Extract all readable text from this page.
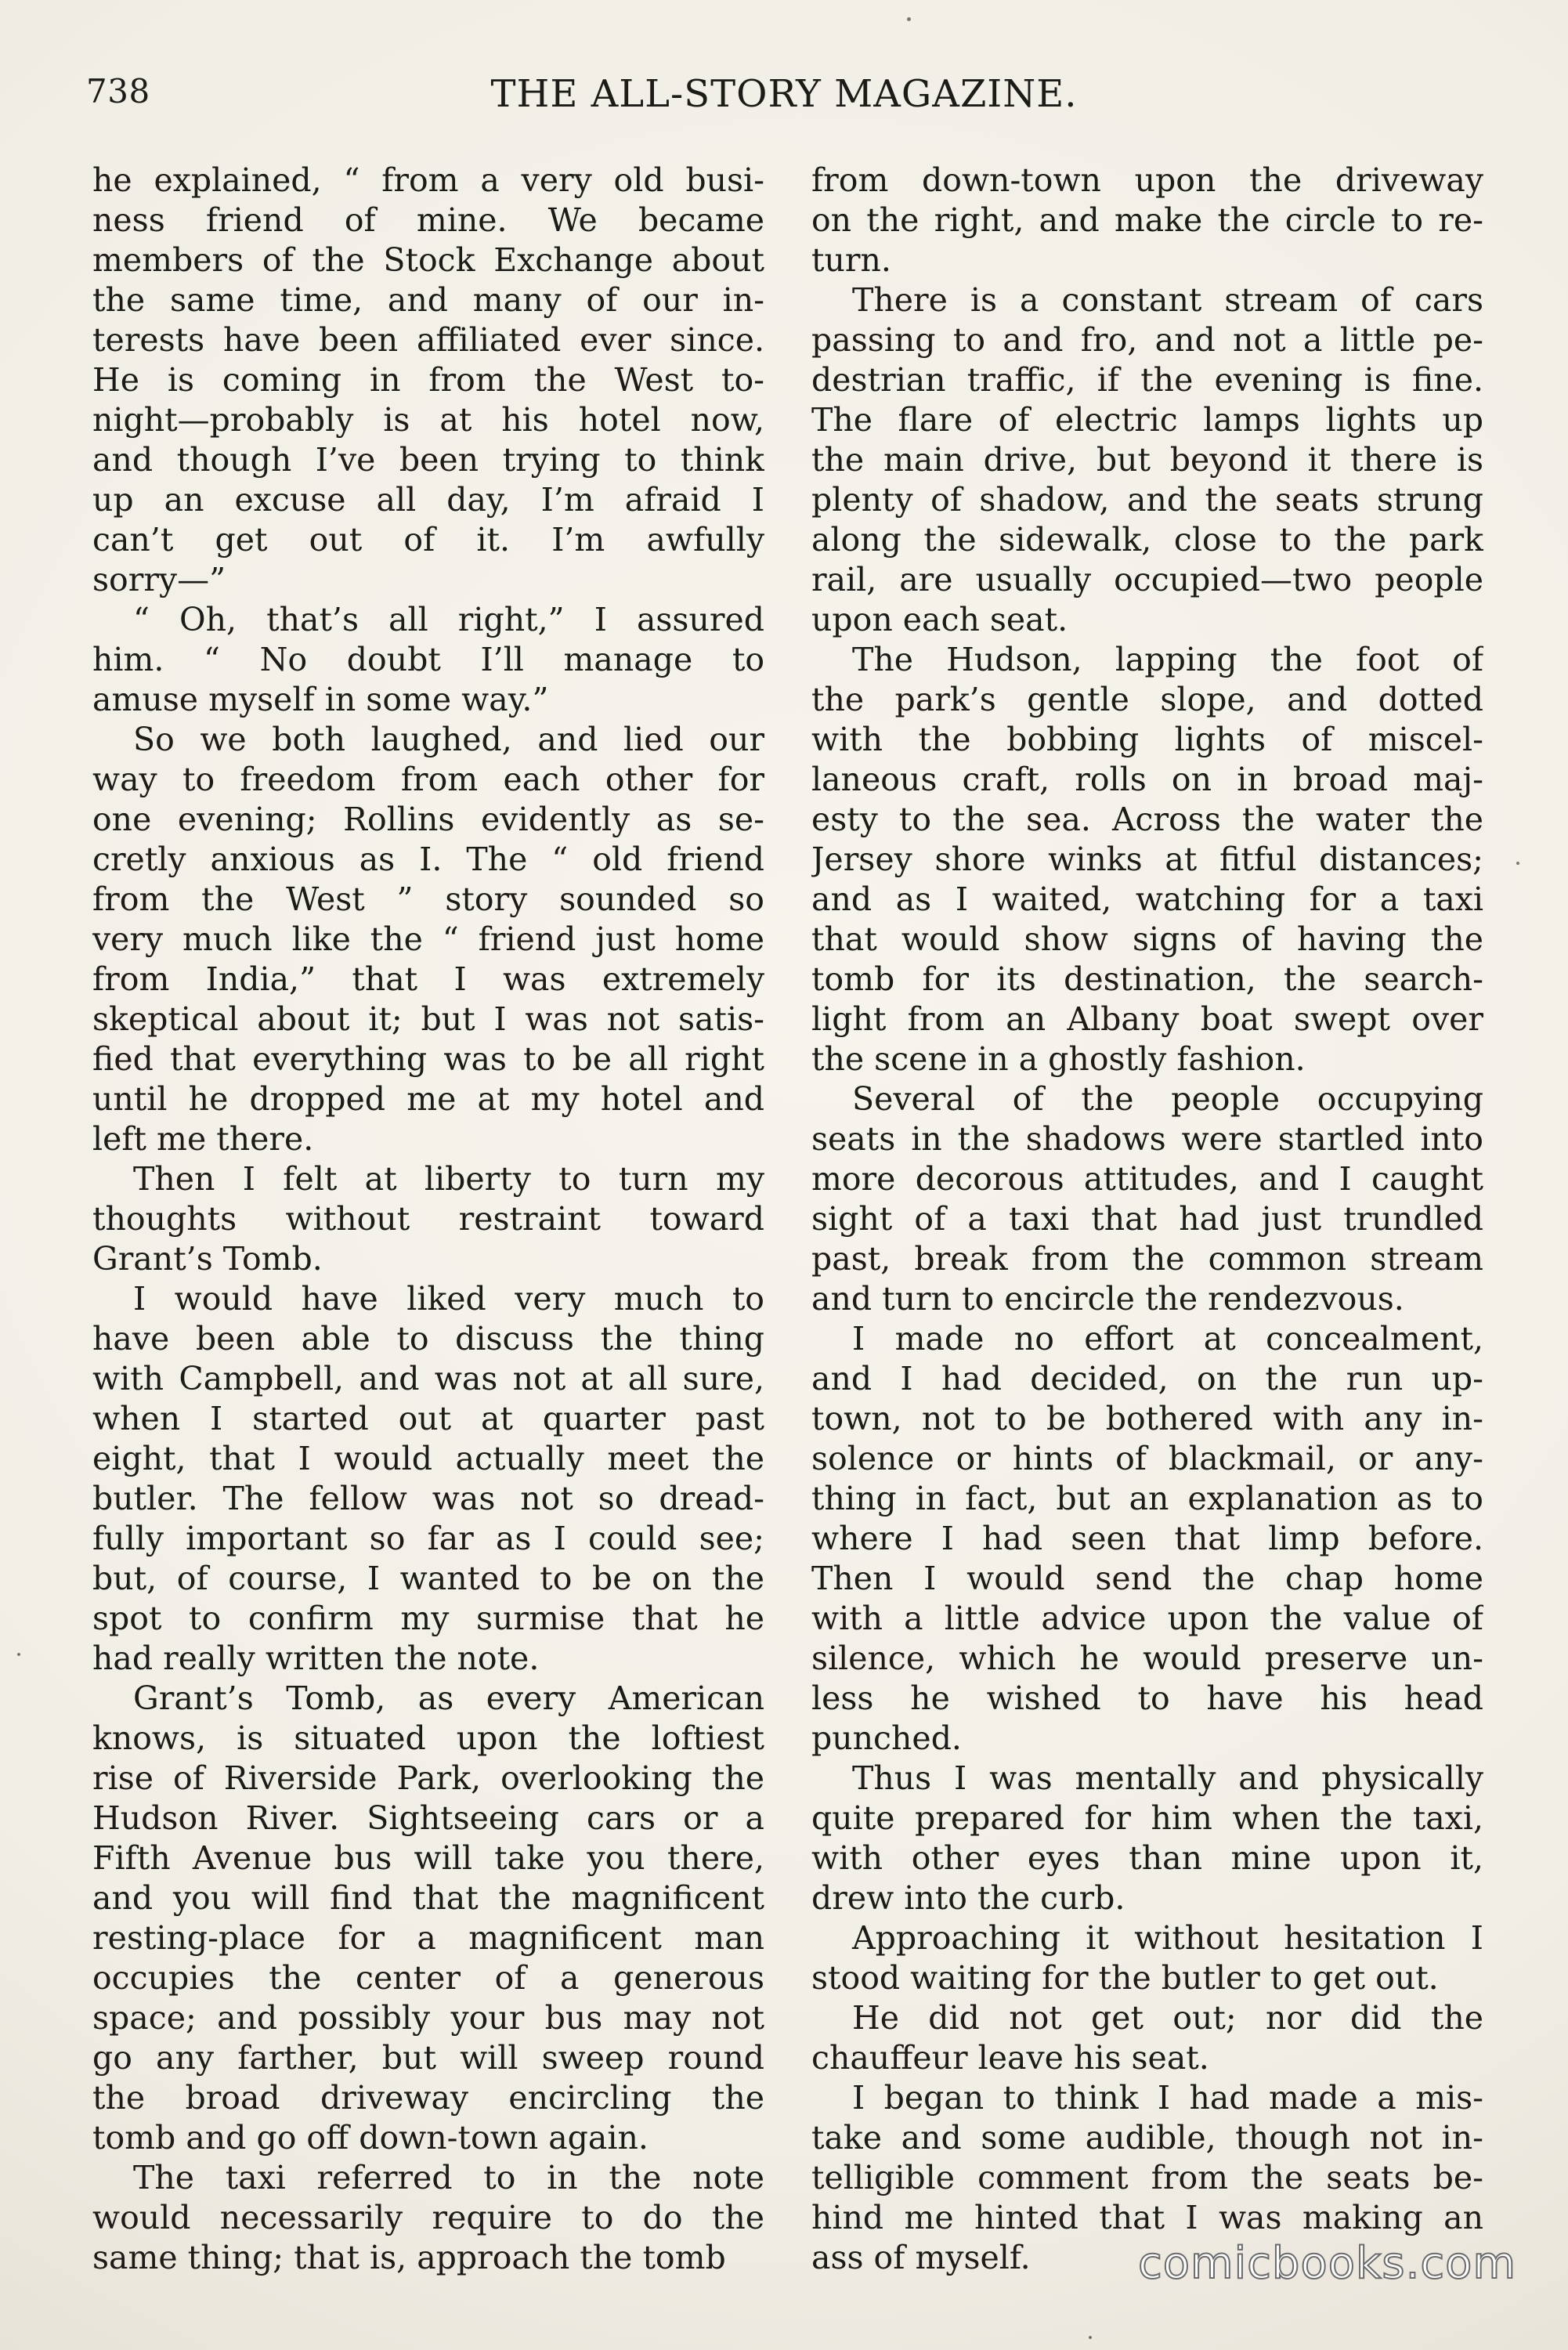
738	THE ALL-STORY MAGAZINE.
he explained, “ from a very old busi-
ness friend of mine. We became
members of the Stock Exchange about
the same time, and many of our in-
terests have been affiliated ever since.
He is coming in from the West to-
night—probably is at his hotel now,
and though I’ve been trying to think
up an excuse all day, I’m afraid I
can’t get out of it. I’m awfully
sorry—”
“ Oh, that’s all right,” I assured
him. “ No doubt I’ll manage to
amuse myself in some way.”
So we both laughed, and lied our
way to freedom from each other for
one evening; Rollins evidently as se-
cretly anxious as I. The “ old friend
from the West ” story sounded so
very much like the “ friend just home
from India,” that I was extremely
skeptical about it; but I was not satis-
fied that everything was to be all right
until he dropped me at my hotel and
left me there.
Then I felt at liberty to turn my
thoughts without restraint toward
Grant’s Tomb.
I would have liked very much to
have been able to discuss the thing
with Campbell, and was not at all sure,
when I started out at quarter past
eight, that I would actually meet the
butler. The fellow was not so dread-
fully important so far as I could see;
but, of course, I wanted to be on the
spot to confirm my surmise that he
had really written the note.
Grant’s Tomb, as every American
knows, is situated upon the loftiest
rise of Riverside Park, overlooking the
Hudson River. Sightseeing cars or a
Fifth Avenue bus will take you there,
and you will find that the magnificent
resting-place for a magnificent man
occupies the center of a generous
space; and possibly your bus may not
go any farther, but will sweep round
the broad driveway encircling the
tomb and go off down-town again.
The taxi referred to in the note
would necessarily require to do the
same thing; that is, approach the tomb
from down-town upon the driveway
on the right, and make the circle to re-
turn.
There is a constant stream of cars
passing to and fro, and not a little pe-
destrian traffic, if the evening is fine.
The flare of electric lamps lights up
the main drive, but beyond it there is
plenty of shadow, and the seats strung
along the sidewalk, close to the park
rail, are usually occupied—two people
upon each seat.
The Hudson, lapping the foot of
the park’s gentle slope, and dotted
with the bobbing lights of miscel-
laneous craft, rolls on in broad maj-
esty to the sea. Across the water the
Jersey shore winks at fitful distances;
and as I waited, watching for a taxi
that would show signs of having the
tomb for its destination, the search-
light from an Albany boat swept over
the scene in a ghostly fashion.
Several of the people occupying
seats in the shadows were startled into
more decorous attitudes, and I caught
sight of a taxi that had just trundled
past, break from the common stream
and turn to encircle the rendezvous.
I made no effort at concealment,
and I had decided, on the run up-
town, not to be bothered with any in-
solence or hints of blackmail, or any-
thing in fact, but an explanation as to
where I had seen that limp before.
Then I would send the chap home
with a little advice upon the value of
silence, which he would preserve un-
less he wished to have his head
punched.
Thus I was mentally and physically
quite prepared for him when the taxi,
with other eyes than mine upon it,
drew into the curb.
Approaching it without hesitation I
stood waiting for the butler to get out.
He did not get out; nor did the
chauffeur leave his seat.
I began to think I had made a mis-
take and some audible, though not in-
telligible comment from the seats be-
hind me hinted that I was making an
ass of myself.	comicbooks.com
